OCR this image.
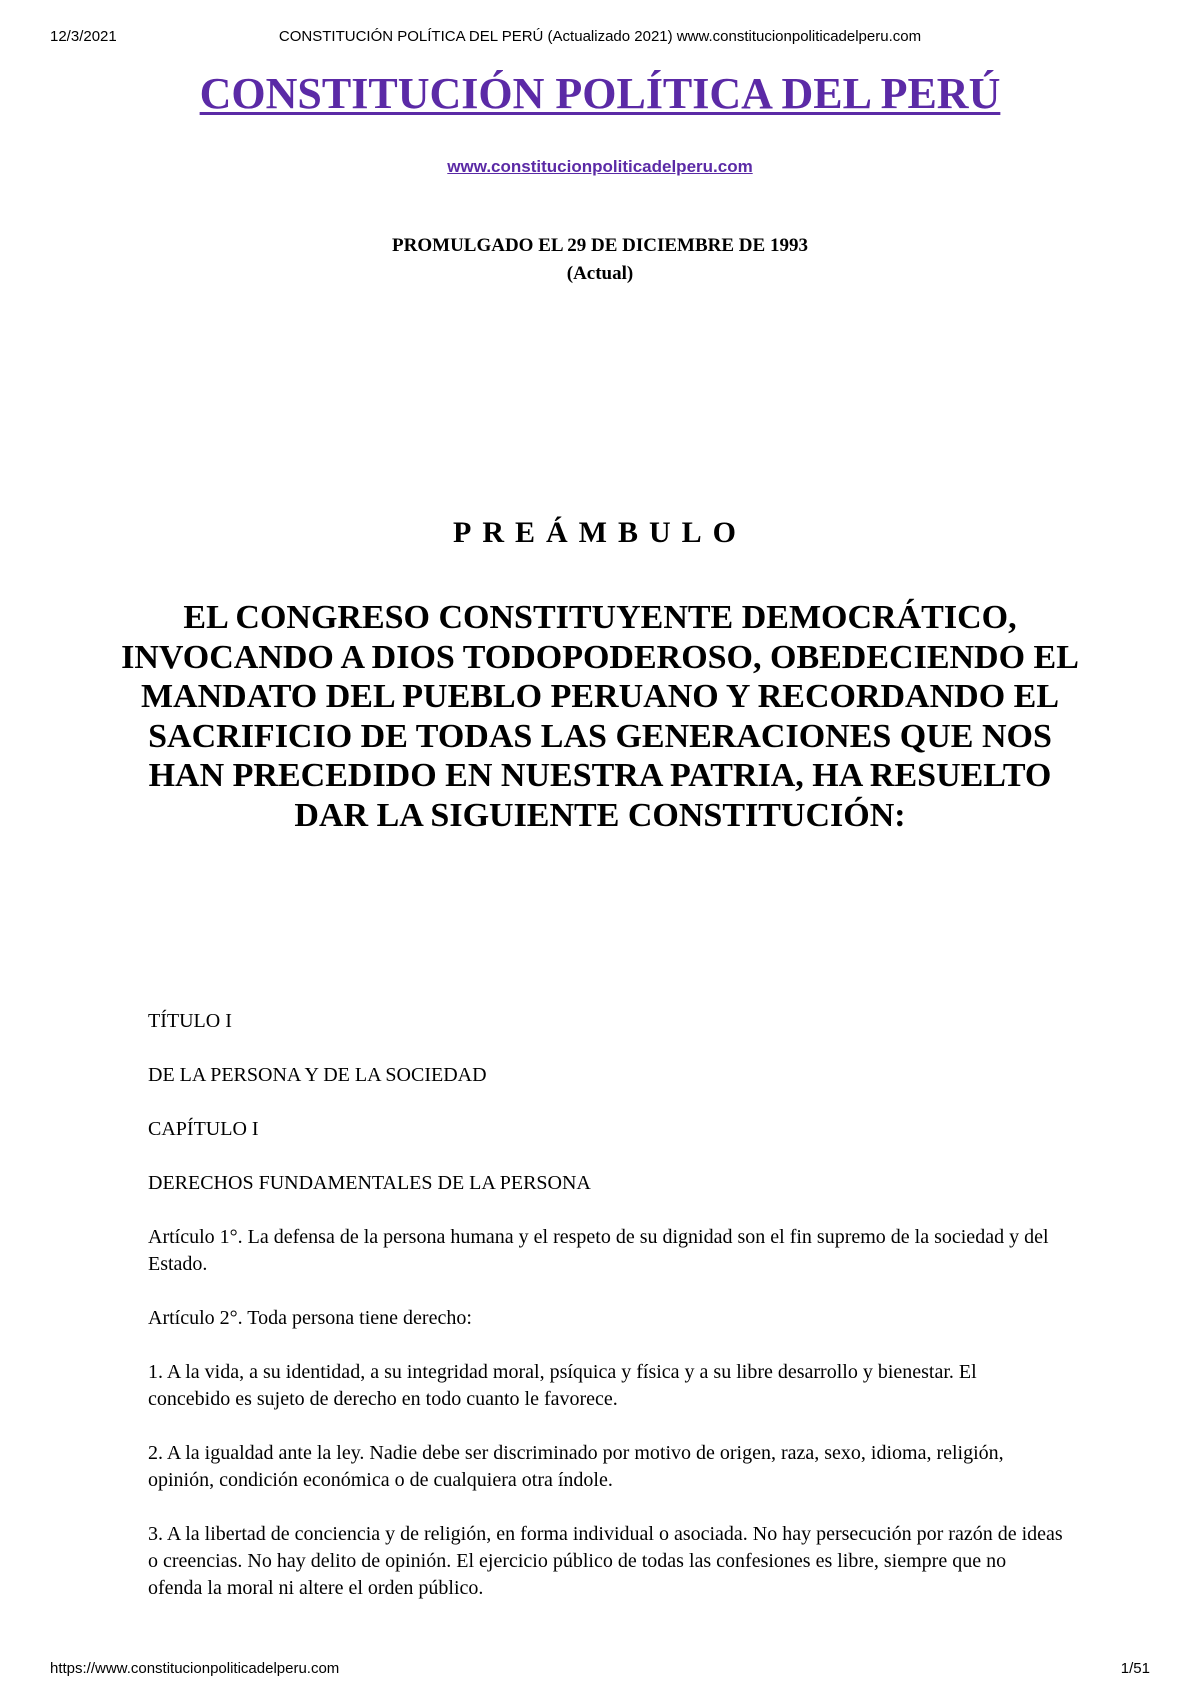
12/3/2021	CONSTITUCIÓN POLÍTICA DEL PERÚ (Actualizado 2021) www.constitucionpoliticadelperu.com
CONSTITUCIÓN POLÍTICA DEL PERÚ
www.constitucionpoliticadelperu.com
PROMULGADO EL 29 DE DICIEMBRE DE 1993
(Actual)
PREÁMBULO
EL CONGRESO CONSTITUYENTE DEMOCRÁTICO, INVOCANDO A DIOS TODOPODEROSO, OBEDECIENDO EL MANDATO DEL PUEBLO PERUANO Y RECORDANDO EL SACRIFICIO DE TODAS LAS GENERACIONES QUE NOS HAN PRECEDIDO EN NUESTRA PATRIA, HA RESUELTO DAR LA SIGUIENTE CONSTITUCIÓN:

TÍTULO I

DE LA PERSONA Y DE LA SOCIEDAD

CAPÍTULO I

DERECHOS FUNDAMENTALES DE LA PERSONA

Artículo 1°. La defensa de la persona humana y el respeto de su dignidad son el fin supremo de la sociedad y del Estado.

Artículo 2°. Toda persona tiene derecho:

1. A la vida, a su identidad, a su integridad moral, psíquica y física y a su libre desarrollo y bienestar. El concebido es sujeto de derecho en todo cuanto le favorece.

2. A la igualdad ante la ley. Nadie debe ser discriminado por motivo de origen, raza, sexo, idioma, religión, opinión, condición económica o de cualquiera otra índole.

3. A la libertad de conciencia y de religión, en forma individual o asociada. No hay persecución por razón de ideas o creencias. No hay delito de opinión. El ejercicio público de todas las confesiones es libre, siempre que no ofenda la moral ni altere el orden público.

https://www.constitucionpoliticadelperu.com	1/51
